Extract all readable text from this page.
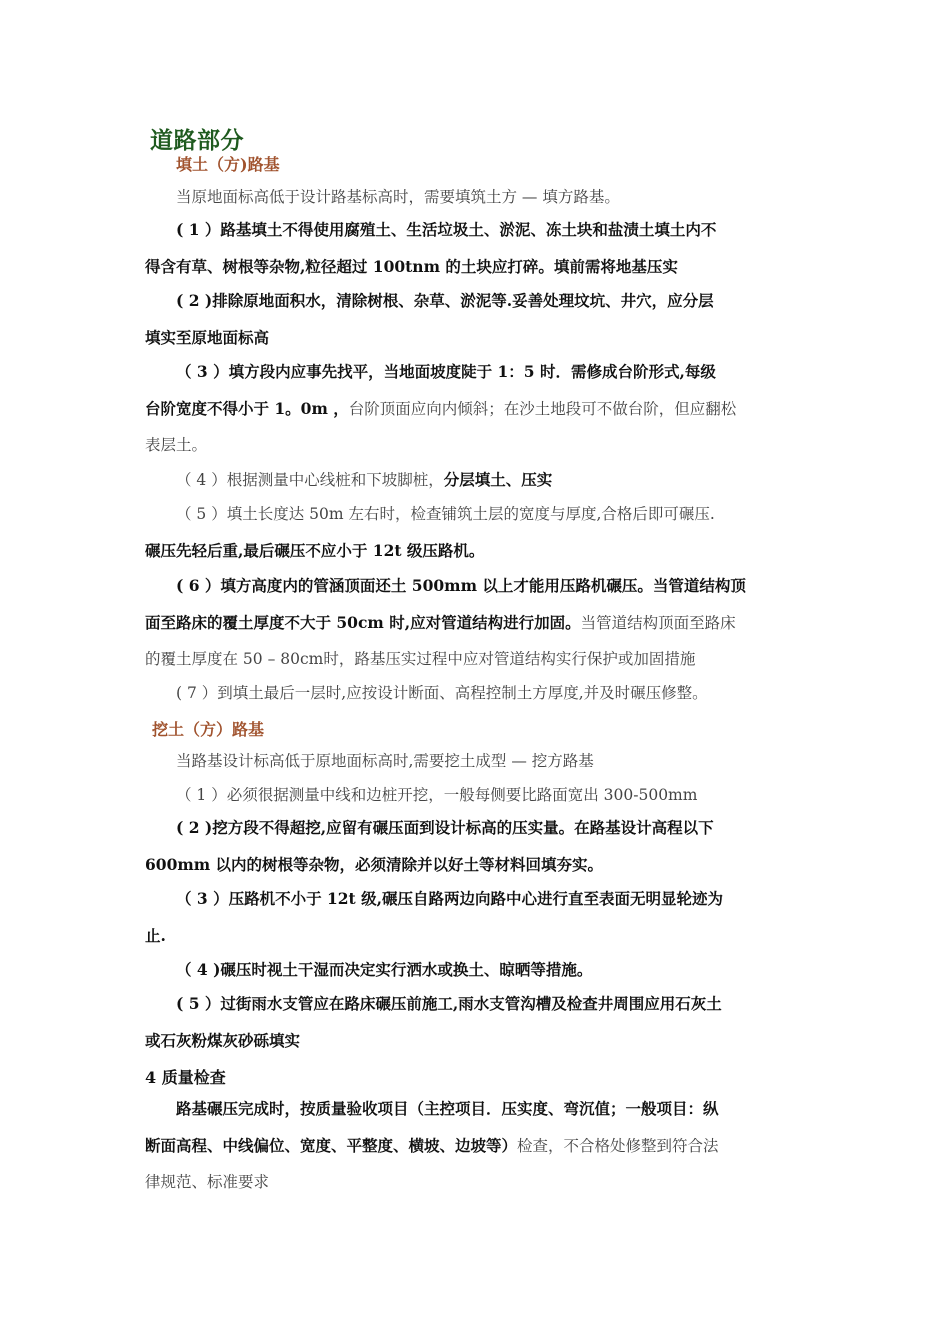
道路部分
填土（方)路基
当原地面标高低于设计路基标高时，需要填筑土方 — 填方路基。
( 1 ）路基填土不得使用腐殖土、生活垃圾土、淤泥、冻土块和盐渍土填土内不
得含有草、树根等杂物,粒径超过 100tnm 的土块应打碎。填前需将地基压实
( 2 )排除原地面积水，清除树根、杂草、淤泥等.妥善处理坟坑、井穴，应分层
填实至原地面标高
（ 3 ）填方段内应事先找平，当地面坡度陡于 1：5 时．需修成台阶形式,每级
台阶宽度不得小于 1。0m ，台阶顶面应向内倾斜；在沙土地段可不做台阶，但应翻松
表层土。
（ 4 ）根据测量中心线桩和下坡脚桩，分层填土、压实
（ 5 ）填土长度达 50m 左右时，检查铺筑土层的宽度与厚度,合格后即可碾压.
碾压先轻后重,最后碾压不应小于 12t 级压路机。
( 6 ）填方高度内的管涵顶面还土 500mm 以上才能用压路机碾压。当管道结构顶
面至路床的覆土厚度不大于 50cm 时,应对管道结构进行加固。当管道结构顶面至路床
的覆土厚度在 50 – 80cm时，路基压实过程中应对管道结构实行保护或加固措施
( 7 ）到填土最后一层时,应按设计断面、高程控制土方厚度,并及时碾压修整。
挖土（方）路基
当路基设计标高低于原地面标高时,需要挖土成型 — 挖方路基
（ 1 ）必须很据测量中线和边桩开挖，一般每侧要比路面宽出 300-500mm
( 2 )挖方段不得超挖,应留有碾压面到设计标高的压实量。在路基设计高程以下
600mm 以内的树根等杂物，必须清除并以好土等材料回填夯实。
（ 3 ）压路机不小于 12t 级,碾压自路两边向路中心进行直至表面无明显轮迹为
止.
（ 4 )碾压时视土干湿而决定实行洒水或换土、晾晒等措施。
( 5 ）过街雨水支管应在路床碾压前施工,雨水支管沟槽及检查井周围应用石灰土
或石灰粉煤灰砂砾填实
4 质量检查
路基碾压完成时，按质量验收项目（主控项目．压实度、弯沉值；一般项目：纵
断面高程、中线偏位、宽度、平整度、横坡、边坡等）检查，不合格处修整到符合法
律规范、标准要求
